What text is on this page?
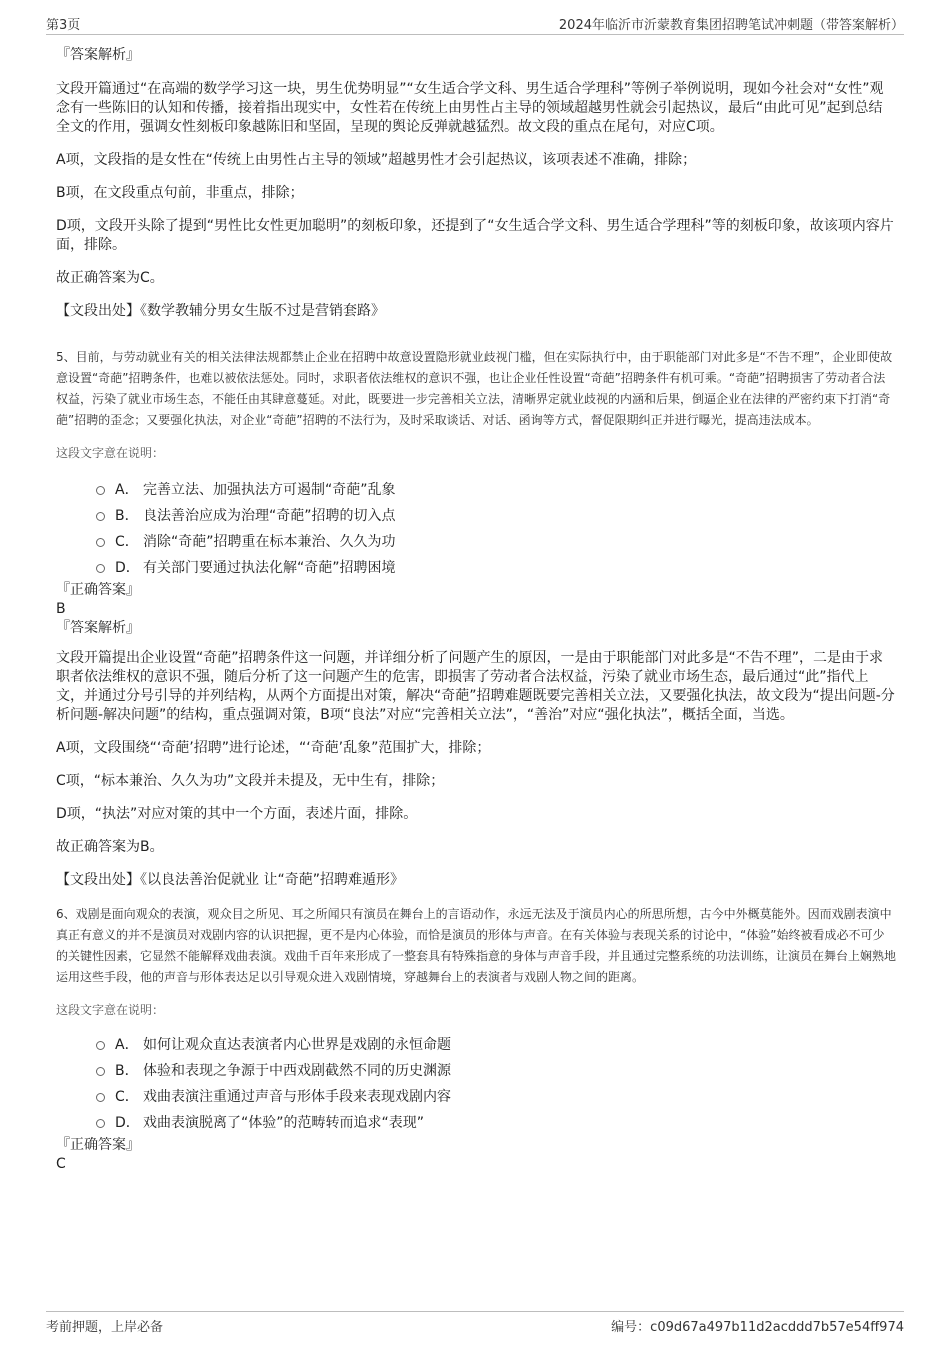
第3页	2024年临沂市沂蒙教育集团招聘笔试冲刺题（带答案解析）
『答案解析』

文段开篇通过“在高端的数学学习这一块，男生优势明显”“女生适合学文科、男生适合学理科”等例子举例说明，现如今社会对“女性”观念有一些陈旧的认知和传播，接着指出现实中，女性若在传统上由男性占主导的领域超越男性就会引起热议，最后“由此可见”起到总结全文的作用，强调女性刻板印象越陈旧和坚固，呈现的舆论反弹就越猛烈。故文段的重点在尾句，对应C项。

A项，文段指的是女性在“传统上由男性占主导的领域”超越男性才会引起热议，该项表述不准确，排除；

B项，在文段重点句前，非重点，排除；

D项，文段开头除了提到“男性比女性更加聪明”的刻板印象，还提到了“女生适合学文科、男生适合学理科”等的刻板印象，故该项内容片面，排除。

故正确答案为C。

【文段出处】《数学教辅分男女生版不过是营销套路》

5、目前，与劳动就业有关的相关法律法规都禁止企业在招聘中故意设置隐形就业歧视门槛，但在实际执行中，由于职能部门对此多是“不告不理”，企业即使故意设置“奇葩”招聘条件，也难以被依法惩处。同时，求职者依法维权的意识不强，也让企业任性设置“奇葩”招聘条件有机可乘。“奇葩”招聘损害了劳动者合法权益，污染了就业市场生态，不能任由其肆意蔓延。对此，既要进一步完善相关立法，清晰界定就业歧视的内涵和后果，倒逼企业在法律的严密约束下打消“奇葩”招聘的歪念；又要强化执法，对企业“奇葩”招聘的不法行为，及时采取谈话、对话、函询等方式，督促限期纠正并进行曝光，提高违法成本。

这段文字意在说明：
A． 完善立法、加强执法方可遏制“奇葩”乱象
B． 良法善治应成为治理“奇葩”招聘的切入点
C． 消除“奇葩”招聘重在标本兼治、久久为功
D． 有关部门要通过执法化解“奇葩”招聘困境
『正确答案』
B
『答案解析』

文段开篇提出企业设置“奇葩”招聘条件这一问题，并详细分析了问题产生的原因，一是由于职能部门对此多是“不告不理”，二是由于求职者依法维权的意识不强，随后分析了这一问题产生的危害，即损害了劳动者合法权益，污染了就业市场生态，最后通过“此”指代上文，并通过分号引导的并列结构，从两个方面提出对策，解决“奇葩”招聘难题既要完善相关立法，又要强化执法，故文段为“提出问题-分析问题-解决问题”的结构，重点强调对策，B项“良法”对应“完善相关立法”，“善治”对应“强化执法”，概括全面，当选。

A项，文段围绕“‘奇葩’招聘”进行论述，“‘奇葩’乱象”范围扩大，排除；

C项，“标本兼治、久久为功”文段并未提及，无中生有，排除；

D项，“执法”对应对策的其中一个方面，表述片面，排除。

故正确答案为B。

【文段出处】《以良法善治促就业 让“奇葩”招聘难遁形》

6、戏剧是面向观众的表演，观众目之所见、耳之所闻只有演员在舞台上的言语动作，永远无法及于演员内心的所思所想，古今中外概莫能外。因而戏剧表演中真正有意义的并不是演员对戏剧内容的认识把握，更不是内心体验，而恰是演员的形体与声音。在有关体验与表现关系的讨论中，“体验”始终被看成必不可少的关键性因素，它显然不能解释戏曲表演。戏曲千百年来形成了一整套具有特殊指意的身体与声音手段，并且通过完整系统的功法训练，让演员在舞台上娴熟地运用这些手段，他的声音与形体表达足以引导观众进入戏剧情境，穿越舞台上的表演者与戏剧人物之间的距离。

这段文字意在说明：
A． 如何让观众直达表演者内心世界是戏剧的永恒命题
B． 体验和表现之争源于中西戏剧截然不同的历史渊源
C． 戏曲表演注重通过声音与形体手段来表现戏剧内容
D． 戏曲表演脱离了“体验”的范畴转而追求“表现”
『正确答案』
C
考前押题，上岸必备	编号：c09d67a497b11d2acddd7b57e54ff974
